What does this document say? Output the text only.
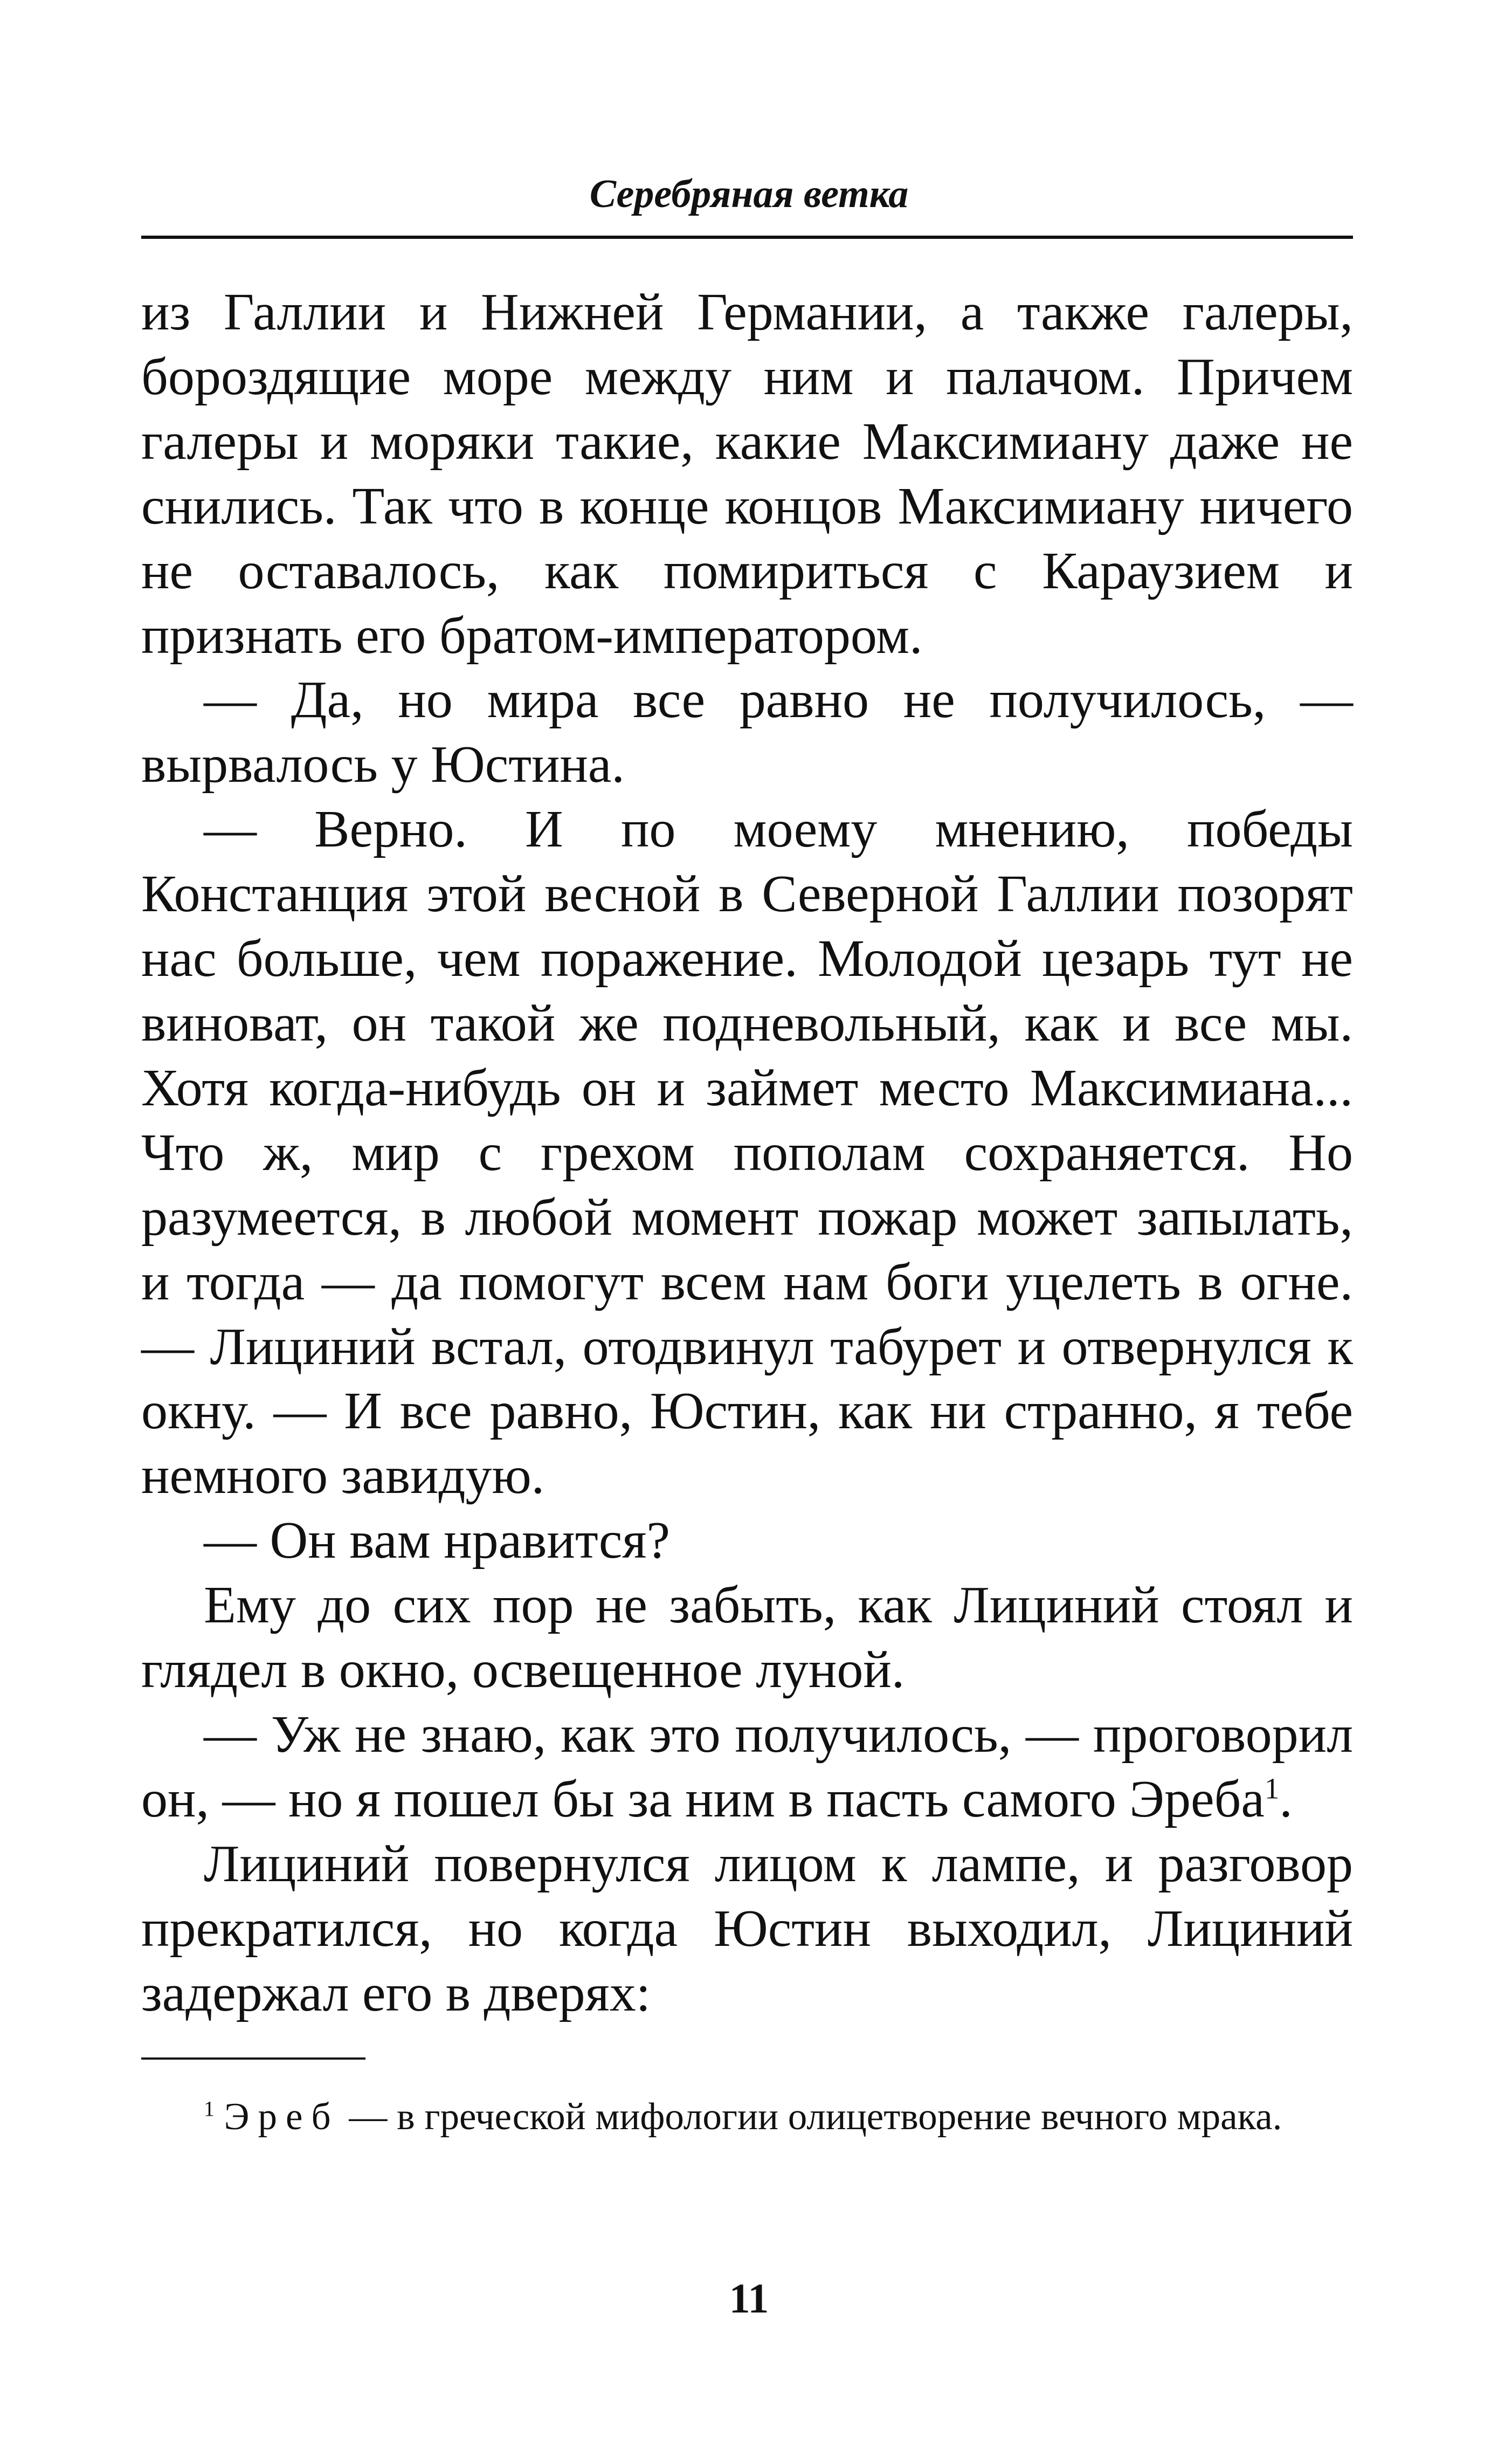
Серебряная ветка

из Галлии и Нижней Германии, а также галеры, бороздящие море между ним и палачом. Причем галеры и моряки такие, какие Максимиану даже не снились. Так что в конце концов Максимиану ничего не оставалось, как помириться с Караузием и признать его братом-императором.

— Да, но мира все равно не получилось, — вырвалось у Юстина.

— Верно. И по моему мнению, победы Констанция этой весной в Северной Галлии позорят нас больше, чем поражение. Молодой цезарь тут не виноват, он такой же подневольный, как и все мы. Хотя когда-нибудь он и займет место Максимиана... Что ж, мир с грехом пополам сохраняется. Но разумеется, в любой момент пожар может запылать, и тогда — да помогут всем нам боги уцелеть в огне. — Лициний встал, отодвинул табурет и отвернулся к окну. — И все равно, Юстин, как ни странно, я тебе немного завидую.

— Он вам нравится?

Ему до сих пор не забыть, как Лициний стоял и глядел в окно, освещенное луной.

— Уж не знаю, как это получилось, — проговорил он, — но я пошел бы за ним в пасть самого Эреба$^1$.

Лициний повернулся лицом к лампе, и разговор прекратился, но когда Юстин выходил, Лициний задержал его в дверях:

$^1$ Эреб — в греческой мифологии олицетворение вечного мрака.
11
